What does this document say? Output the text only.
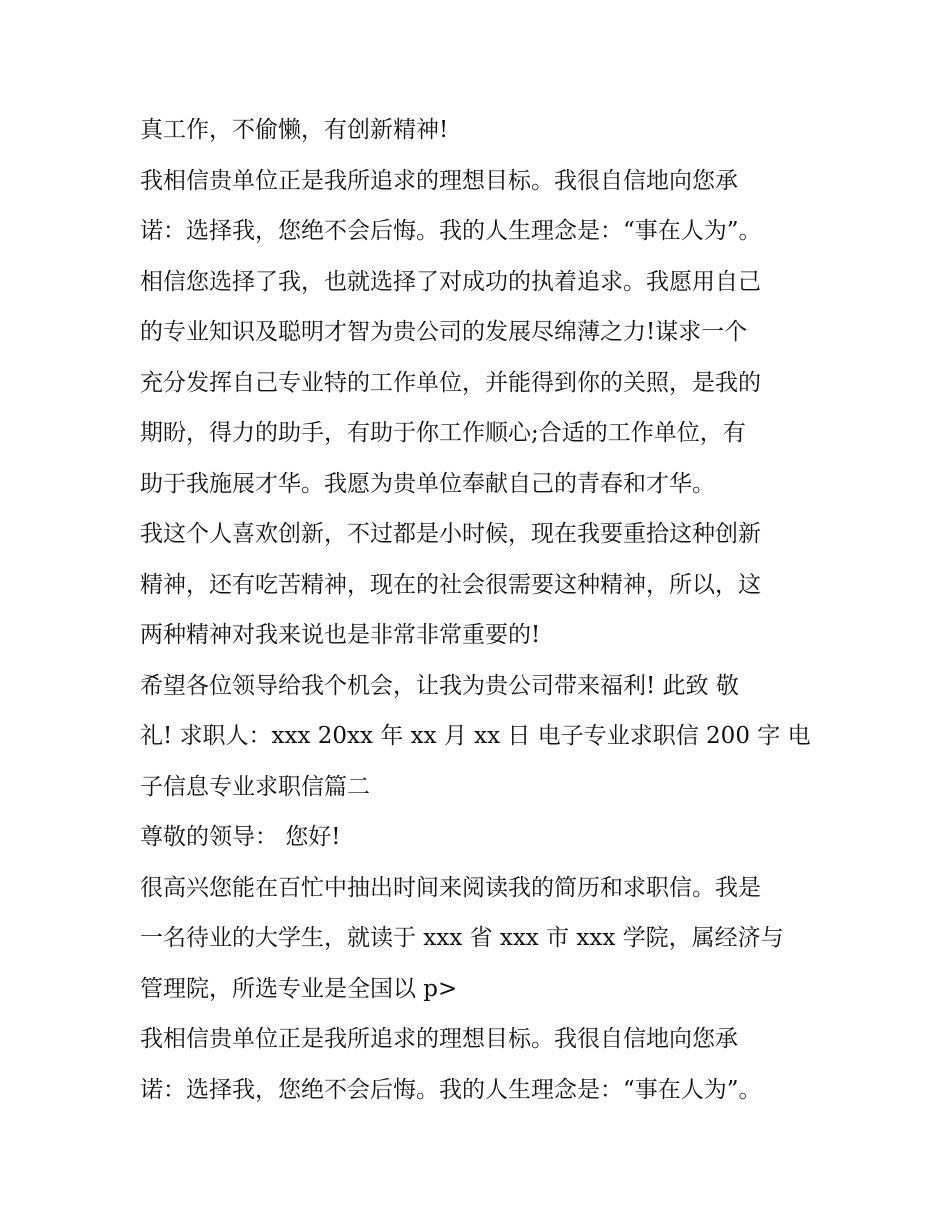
真工作，不偷懒，有创新精神!
我相信贵单位正是我所追求的理想目标。我很自信地向您承
诺：选择我，您绝不会后悔。我的人生理念是：“事在人为”。
相信您选择了我，也就选择了对成功的执着追求。我愿用自己
的专业知识及聪明才智为贵公司的发展尽绵薄之力!谋求一个
充分发挥自己专业特的工作单位，并能得到你的关照，是我的
期盼，得力的助手，有助于你工作顺心;合适的工作单位，有
助于我施展才华。我愿为贵单位奉献自己的青春和才华。
我这个人喜欢创新，不过都是小时候，现在我要重拾这种创新
精神，还有吃苦精神，现在的社会很需要这种精神，所以，这
两种精神对我来说也是非常非常重要的!
希望各位领导给我个机会，让我为贵公司带来福利! 此致 敬
礼! 求职人：xxx 20xx 年 xx 月 xx 日 电子专业求职信 200 字 电
子信息专业求职信篇二
尊敬的领导： 您好!
很高兴您能在百忙中抽出时间来阅读我的简历和求职信。我是
一名待业的大学生，就读于 xxx 省 xxx 市 xxx 学院，属经济与
管理院，所选专业是全国以 p>
我相信贵单位正是我所追求的理想目标。我很自信地向您承
诺：选择我，您绝不会后悔。我的人生理念是：“事在人为”。
